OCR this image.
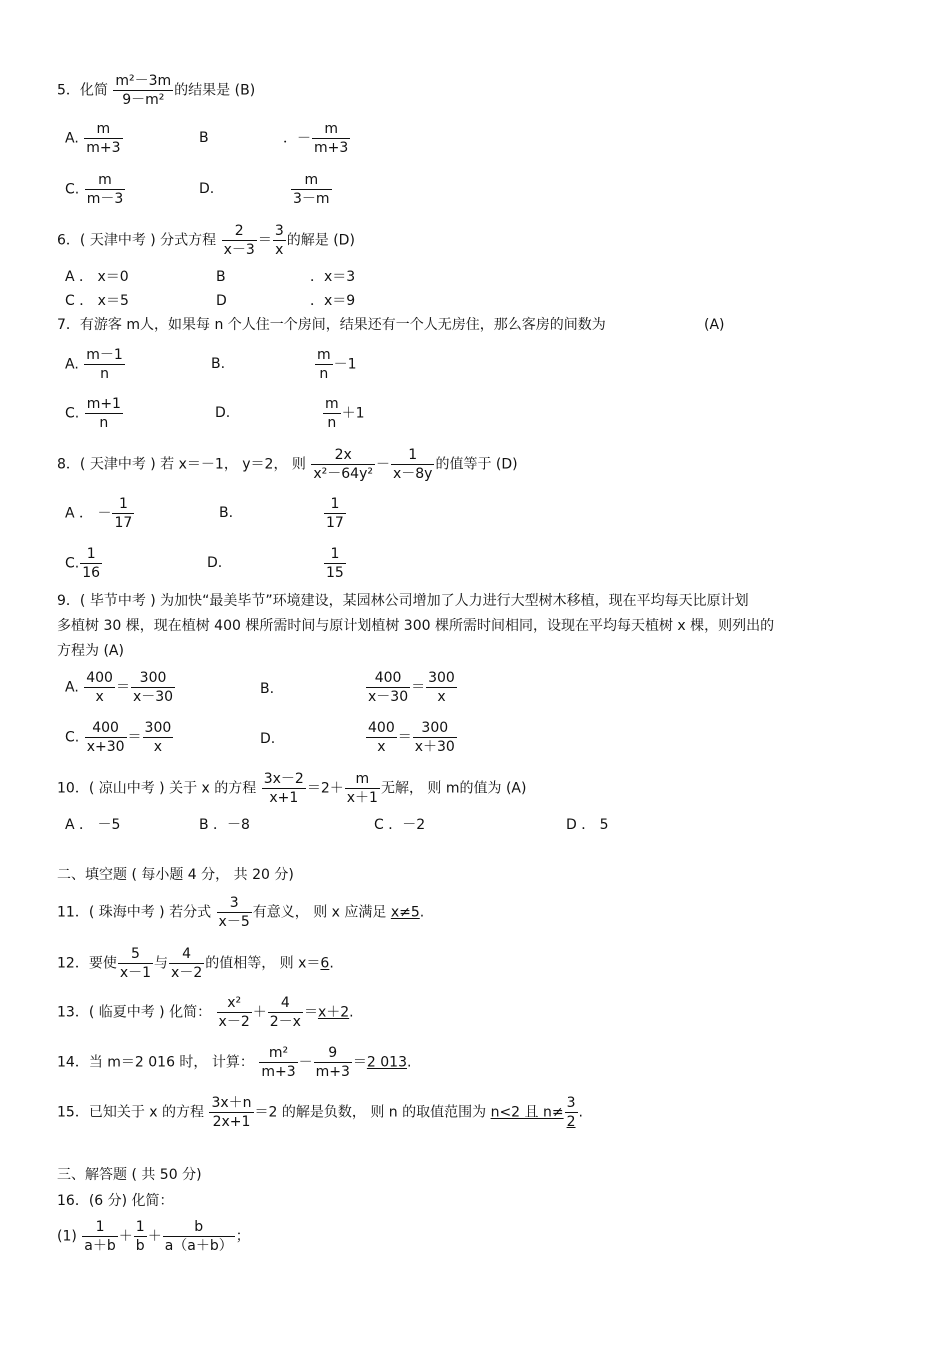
5．化简 $\frac{\text{m²－3m}}{\text{9－m²}}$ 的结果是 (B)
A. $\frac{m}{m+3}$	B	．－ $\frac{m}{m+3}$
C. $\frac{m}{m-3}$	D.	$\frac{m}{3-m}$
6．( 天津中考 ) 分式方程 $\frac{2}{x-3} = \frac{3}{x}$ 的解是 (D)
A ． x＝0	B	．x＝3
C ． x＝5	D	．x＝9
7．有游客 m人，如果每 n 个人住一个房间，结果还有一个人无房住，那么客房的间数为	(A)
A. $\frac{m-1}{n}$	B.	$\frac{m}{n} -1$
C. $\frac{m+1}{n}$	D.	$\frac{m}{n} +1$
8．( 天津中考 ) 若 x＝－1， y＝2， 则 $\frac{2x}{\text{x²－64y²}} - \frac{1}{x-8y}$ 的值等于 (D)
A ． － $\frac{1}{17}$	B.	$\frac{1}{17}$
C. $\frac{1}{16}$	D.	$\frac{1}{15}$
9．( 毕节中考 ) 为加快“最美毕节”环境建设，某园林公司增加了人力进行大型树木移植，现在平均每天比原计划
多植树 30 棵，现在植树 400 棵所需时间与原计划植树 300 棵所需时间相同，设现在平均每天植树 x 棵，则列出的
方程为 (A)
A. $\frac{400}{x} = \frac{300}{x-30}$	B.	$\frac{400}{x-30} = \frac{300}{x}$
C. $\frac{400}{x+30} = \frac{300}{x}$	D.	$\frac{400}{x} = \frac{300}{x+30}$
10．( 凉山中考 ) 关于 x 的方程 $\frac{3x-2}{x+1} =2+ \frac{m}{x+1}$ 无解， 则 m的值为 (A)
A ． －5	B ．－8	C ．－2	D ． 5
二、填空题 ( 每小题 4 分， 共 20 分)
11．( 珠海中考 ) 若分式 $\frac{3}{x-5}$ 有意义， 则 x 应满足 x≠5.
12．要使 $\frac{5}{x-1}$ 与 $\frac{4}{x-2}$ 的值相等， 则 x＝6.
13．( 临夏中考 ) 化简： $\frac{\text{x²}}{x-2} + \frac{4}{2-x} =x+2$.
14．当 m＝2 016 时， 计算： $\frac{\text{m²}}{m+3} - \frac{9}{m+3} =2$ 013.
15．已知关于 x 的方程 $\frac{3x+n}{2x+1} =2$ 的解是负数， 则 n 的取值范围为 n<2 且 $n\ne \frac{3}{2}$ .
三、解答题 ( 共 50 分)
16．(6 分) 化简：
$(1) \frac{1}{a+b} + \frac{1}{b} + \frac{b}{a(a+b)}$ ；
